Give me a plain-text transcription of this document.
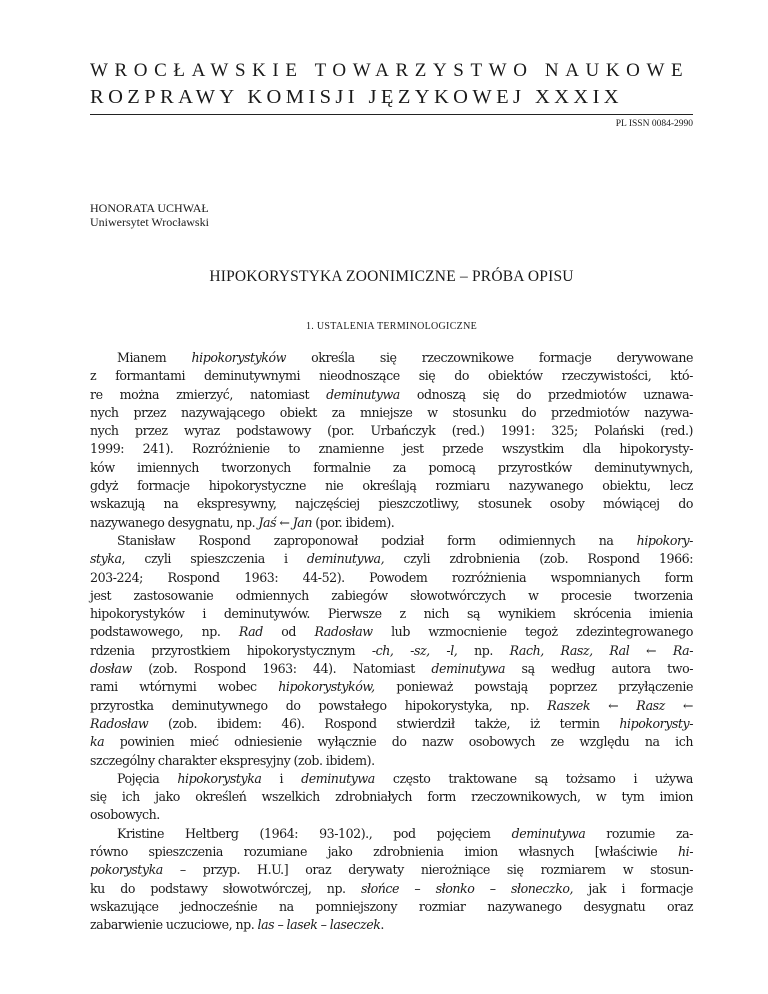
WROCŁAWSKIE TOWARZYSTWO NAUKOWE
ROZPRAWY KOMISJI JĘZYKOWEJ XXXIX
PL ISSN 0084-2990
HONORATA UCHWAŁ
Uniwersytet Wrocławski
HIPOKORYSTYKA ZOONIMICZNE – PRÓBA OPISU
1. USTALENIA TERMINOLOGICZNE
Mianem hipokorystyków określa się rzeczownikowe formacje derywowane
z formantami deminutywnymi nieodnoszące się do obiektów rzeczywistości, któ-
re można zmierzyć, natomiast deminutywa odnoszą się do przedmiotów uznawa-
nych przez nazywającego obiekt za mniejsze w stosunku do przedmiotów nazywa-
nych przez wyraz podstawowy (por. Urbańczyk (red.) 1991: 325; Polański (red.)
1999: 241). Rozróżnienie to znamienne jest przede wszystkim dla hipokorysty-
ków imiennych tworzonych formalnie za pomocą przyrostków deminutywnych,
gdyż formacje hipokorystyczne nie określają rozmiaru nazywanego obiektu, lecz
wskazują na ekspresywny, najczęściej pieszczotliwy, stosunek osoby mówiącej do
nazywanego desygnatu, np. Jaś ← Jan (por. ibidem).
Stanisław Rospond zaproponował podział form odimiennych na hipokory-
styka, czyli spieszczenia i deminutywa, czyli zdrobnienia (zob. Rospond 1966:
203-224; Rospond 1963: 44-52). Powodem rozróżnienia wspomnianych form
jest zastosowanie odmiennych zabiegów słowotwórczych w procesie tworzenia
hipokorystyków i deminutywów. Pierwsze z nich są wynikiem skrócenia imienia
podstawowego, np. Rad od Radosław lub wzmocnienie tegoż zdezintegrowanego
rdzenia przyrostkiem hipokorystycznym -ch, -sz, -l, np. Rach, Rasz, Ral ← Ra-
dosław (zob. Rospond 1963: 44). Natomiast deminutywa są według autora two-
rami wtórnymi wobec hipokorystyków, ponieważ powstają poprzez przyłączenie
przyrostka deminutywnego do powstałego hipokorystyka, np. Raszek ← Rasz ←
Radosław (zob. ibidem: 46). Rospond stwierdził także, iż termin hipokorysty-
ka powinien mieć odniesienie wyłącznie do nazw osobowych ze względu na ich
szczególny charakter ekspresyjny (zob. ibidem).
Pojęcia hipokorystyka i deminutywa często traktowane są tożsamo i używa
się ich jako określeń wszelkich zdrobniałych form rzeczownikowych, w tym imion
osobowych.
Kristine Heltberg (1964: 93-102)., pod pojęciem deminutywa rozumie za-
równo spieszczenia rozumiane jako zdrobnienia imion własnych [właściwie hi-
pokorystyka – przyp. H.U.] oraz derywaty nierożniące się rozmiarem w stosun-
ku do podstawy słowotwórczej, np. słońce – słonko – słoneczko, jak i formacje
wskazujące jednocześnie na pomniejszony rozmiar nazywanego desygnatu oraz
zabarwienie uczuciowe, np. las – lasek – laseczek.
